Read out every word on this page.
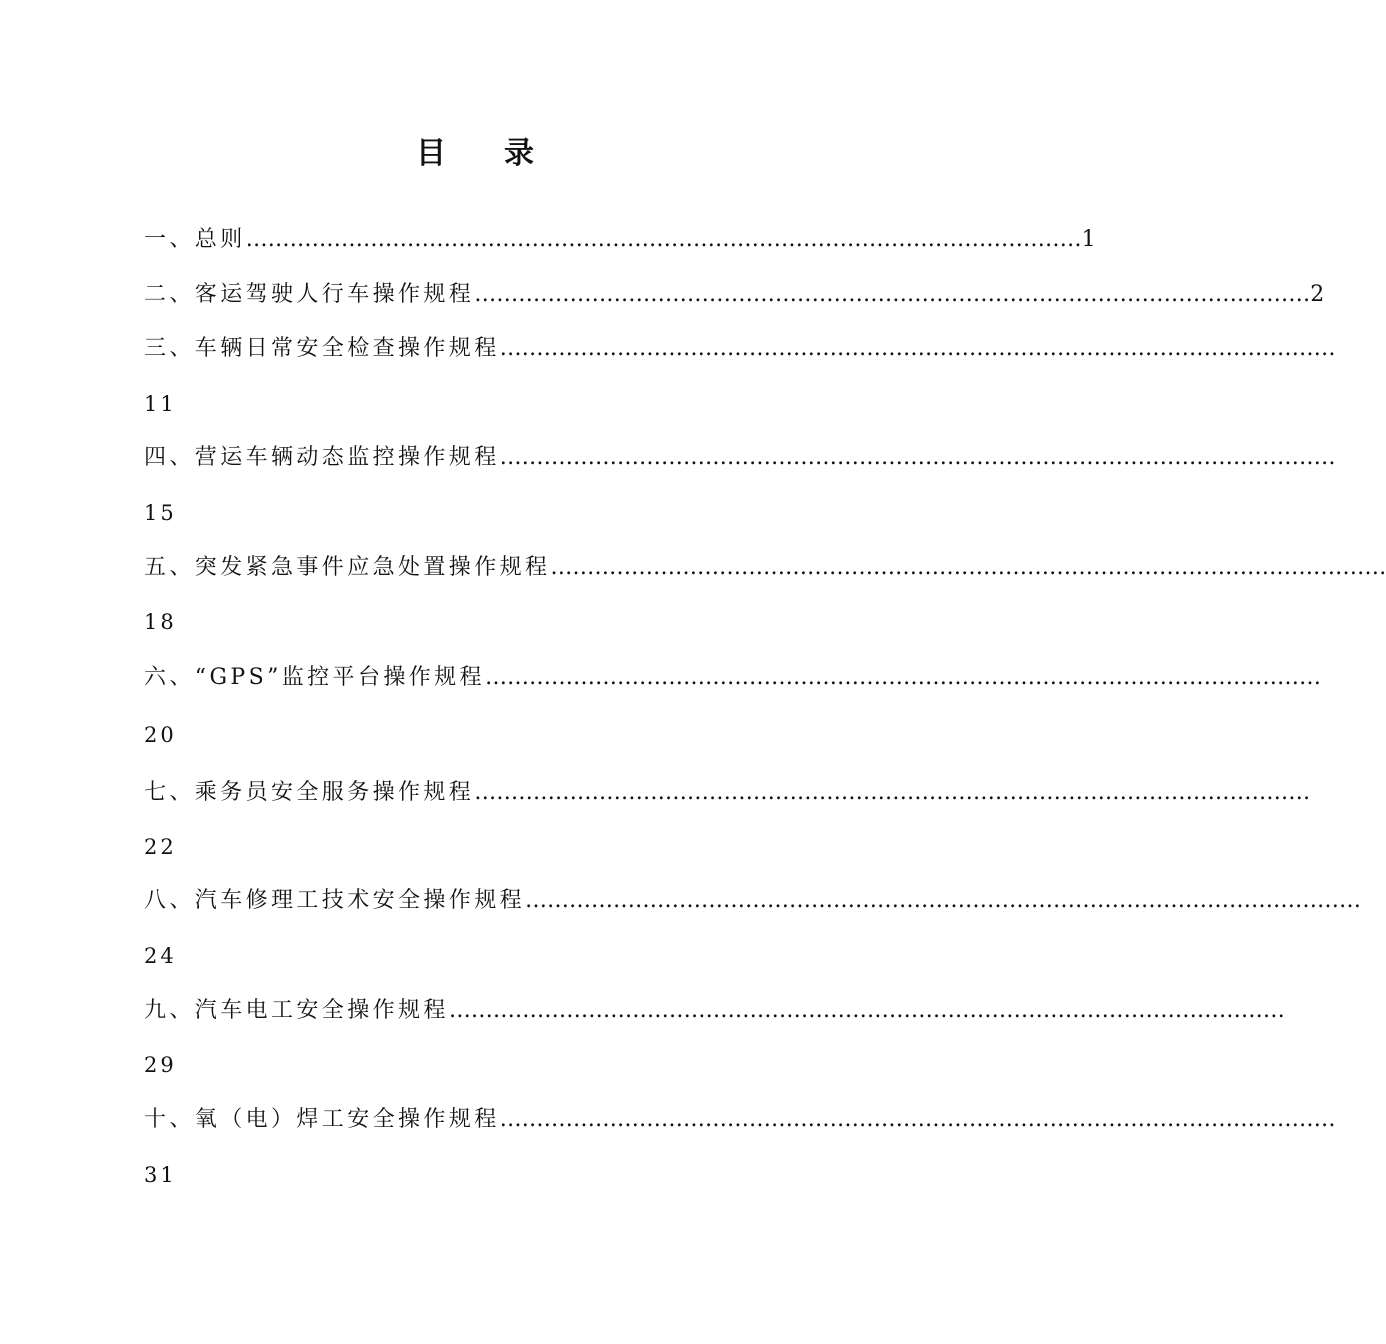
目 录
一、总则 …………………………………………………………………………………………………… 1
二、客运驾驶人行车操作规程 …………………………………………………………………………………………………… 2
三、车辆日常安全检查操作规程 ……………………………………………………………………………………………………
11
四、营运车辆动态监控操作规程 ……………………………………………………………………………………………………
15
五、突发紧急事件应急处置操作规程 ……………………………………………………………………………………………………
18
六、“GPS”监控平台操作规程 ……………………………………………………………………………………………………
20
七、乘务员安全服务操作规程 ……………………………………………………………………………………………………
22
八、汽车修理工技术安全操作规程 ……………………………………………………………………………………………………
24
九、汽车电工安全操作规程 ……………………………………………………………………………………………………
29
十、氧（电）焊工安全操作规程 ……………………………………………………………………………………………………
31
